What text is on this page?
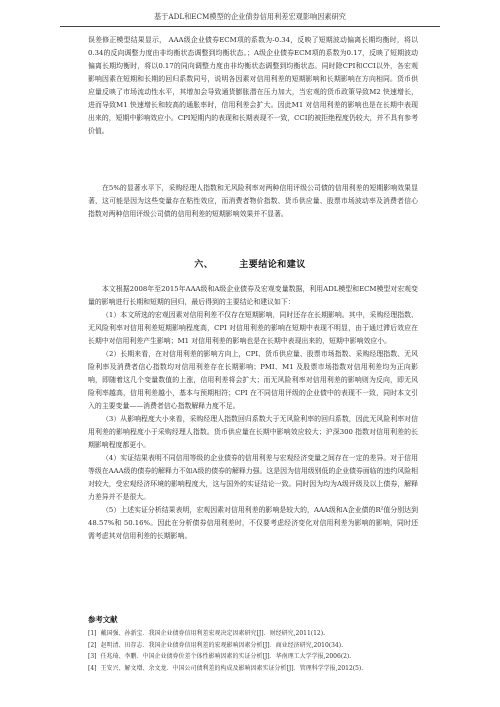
基于ADL和ECM模型的企业债券信用利差宏观影响因素研究

误差修正模型结果显示， AAA级企业债券ECM项的系数为-0.34，反映了短期波动偏离长期均衡时，将以0.34的反向调整力度由非均衡状态调整到均衡状态。；A级企业债券ECM项的系数为0.17，反映了短期波动偏离长期均衡时，将以0.17的同向调整力度由非均衡状态调整到均衡状态。同时除CPI和CCI以外，各宏观影响因素在短期和长期的回归系数同号，说明各因素对信用利差的短期影响和长期影响在方向相同。货币供应量反映了市场流动性水平，其增加会导致通货膨胀潜在压力加大，当宏观的货币政策导致M2 快速增长，进而导致M1 快速增长和较高的通胀率时，信用利差会扩大。因此M1 对信用利差的影响也是在长期中表现出来的，短期中影响效应小。CPI短期内的表现和长期表现不一致，CCI的被拒绝程度仍较大，并不具有参考价值。

在5%的显著水平下，采购经理人指数和无风险利率对两种信用评级公司债的信用利差的短期影响效果显著，这可能是因为这些变量存在粘性效应，而消费者物价指数、货币供应量、股票市场波动率及消费者信心指数对两种信用评级公司债的信用利差的短期影响效果并不显著。

六、	主要结论和建议

本文根据2008年至2015年AAA级和A级企业债券及宏观变量数据，利用ADL模型和ECM模型对宏观变量的影响进行长期和短期的回归，最后得到的主要结论和建议如下：

（1）本文所选的宏观因素对信用利差不仅存在短期影响，同时还存在长期影响。其中，采购经理指数、无风险利率对信用利差短期影响程度高，CPI 对信用利差的影响在短期中表现不明显，由于通过滞后效应在长期中对信用利差产生影响；M1 对信用利差的影响也是在长期中表现出来的，短期中影响效应小。

（2）长期来看，在对信用利差的影响方向上，CPI、货币供应量、股票市场指数、采购经理指数、无风险利率及消费者信心指数均对信用利差存在长期影响；PMI、M1 及股票市场指数对信用利差均为正向影响，即随着这几个变量数值的上涨，信用利差将会扩大；而无风险利率对信用利差的影响则为反向，即无风险利率越高，信用利差越小，基本与预期相符；CPI 在不同信用评级的企业债中的表现不一致，同时本文引入的主要变量——消费者信心指数解释力度不足。

（3）从影响程度大小来看，采购经理人指数回归系数大于无风险利率的回归系数，因此无风险利率对信用利差的影响程度小于采购经理人指数。货币供应量在长期中影响效应较大；沪深300 指数对信用利差的长期影响程度都更小。

（4）实证结果表明不同信用等级的企业债券的信用利差与宏观经济变量之间存在一定的差异。对于信用等级在AAA级的债券的解释力不如A级的债券的解释力强。这是因为信用级别低的企业债券面临的违约风险相对较大，受宏观经济环境的影响程度大，这与国外的实证结论一致。同时因为均为A级评级及以上债券，解释力差异并不是很大。

（5）上述实证分析结果表明，宏观因素对信用利差的影响是较大的，AAA级和A企业债的R²值分别达到 48.57%和 50.16%。因此在分析债券信用利差时，不仅要考虑经济变化对信用利差为影响的影响，同时还需考虑其对信用利差的长期影响。

参考文献
[1] 戴国强、孙新宝．我国企业债券信用利差宏观决定因素研究[J]．财经研究,2011(12).
[2] 赵明清、田存志．我国企业债券信用利差的宏观影响因素分析[J]．商业经济研究,2010(34).
[3] 任兆琦、李鹏．中国企业债券价差个体性影响因素的实证分析[J]．华南理工大学学报,2006(2).
[4] 王安兴、解文增、余文龙．中国公司债利差的构成及影响因素实证分析[J]．管理科学学报,2012(5).
